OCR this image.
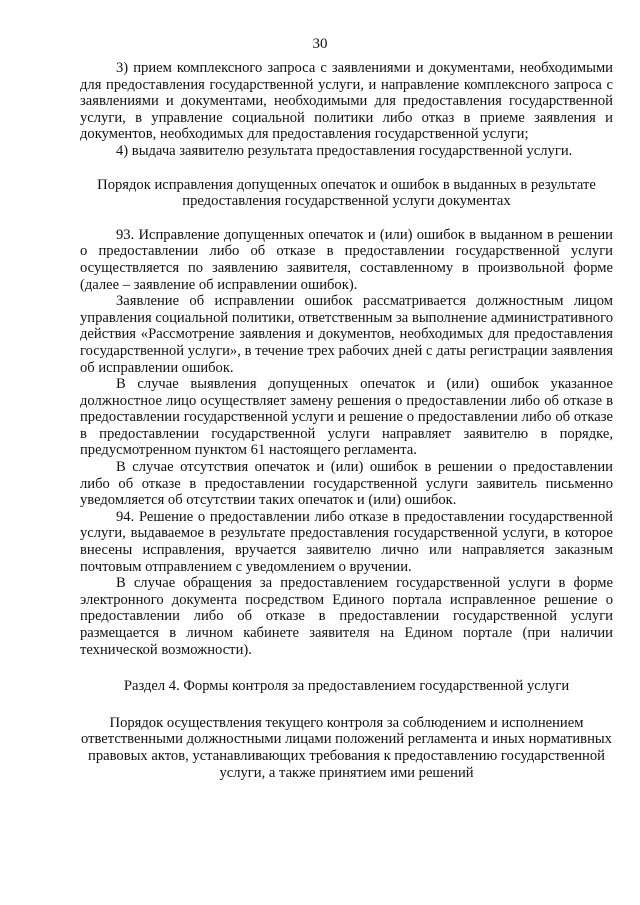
30

3) прием комплексного запроса с заявлениями и документами, необходимыми для предоставления государственной услуги, и направление комплексного запроса с заявлениями и документами, необходимыми для предоставления государственной услуги, в управление социальной политики либо отказ в приеме заявления и документов, необходимых для предоставления государственной услуги;

4) выдача заявителю результата предоставления государственной услуги.

Порядок исправления допущенных опечаток и ошибок в выданных в результате предоставления государственной услуги документах

93. Исправление допущенных опечаток и (или) ошибок в выданном в решении о предоставлении либо об отказе в предоставлении государственной услуги осуществляется по заявлению заявителя, составленному в произвольной форме (далее – заявление об исправлении ошибок).

Заявление об исправлении ошибок рассматривается должностным лицом управления социальной политики, ответственным за выполнение административного действия «Рассмотрение заявления и документов, необходимых для предоставления государственной услуги», в течение трех рабочих дней с даты регистрации заявления об исправлении ошибок.

В случае выявления допущенных опечаток и (или) ошибок указанное должностное лицо осуществляет замену решения о предоставлении либо об отказе в предоставлении государственной услуги и решение о предоставлении либо об отказе в предоставлении государственной услуги направляет заявителю в порядке, предусмотренном пунктом 61 настоящего регламента.

В случае отсутствия опечаток и (или) ошибок в решении о предоставлении либо об отказе в предоставлении государственной услуги заявитель письменно уведомляется об отсутствии таких опечаток и (или) ошибок.

94. Решение о предоставлении либо отказе в предоставлении государственной услуги, выдаваемое в результате предоставления государственной услуги, в которое внесены исправления, вручается заявителю лично или направляется заказным почтовым отправлением с уведомлением о вручении.

В случае обращения за предоставлением государственной услуги в форме электронного документа посредством Единого портала исправленное решение о предоставлении либо об отказе в предоставлении государственной услуги размещается в личном кабинете заявителя на Едином портале (при наличии технической возможности).

Раздел 4. Формы контроля за предоставлением государственной услуги

Порядок осуществления текущего контроля за соблюдением и исполнением ответственными должностными лицами положений регламента и иных нормативных правовых актов, устанавливающих требования к предоставлению государственной услуги, а также принятием ими решений
